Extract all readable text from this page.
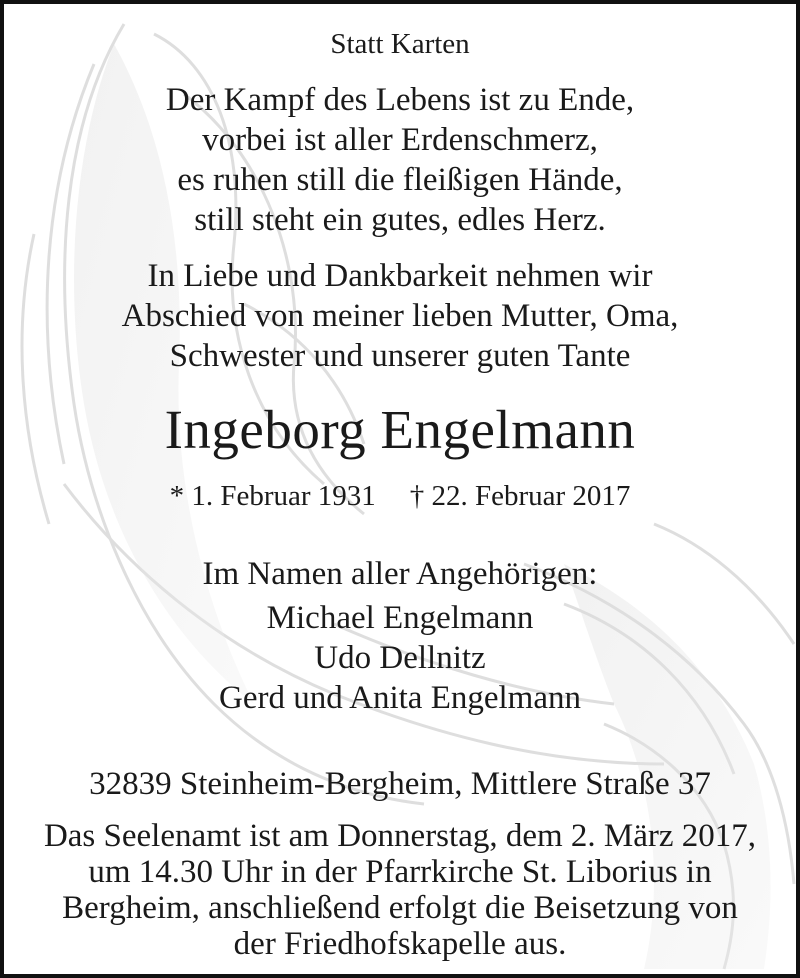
Statt Karten
Der Kampf des Lebens ist zu Ende,
vorbei ist aller Erdenschmerz,
es ruhen still die fleißigen Hände,
still steht ein gutes, edles Herz.
In Liebe und Dankbarkeit nehmen wir
Abschied von meiner lieben Mutter, Oma,
Schwester und unserer guten Tante
Ingeborg Engelmann
* 1. Februar 1931 † 22. Februar 2017
Im Namen aller Angehörigen:
Michael Engelmann
Udo Dellnitz
Gerd und Anita Engelmann
32839 Steinheim-Bergheim, Mittlere Straße 37
Das Seelenamt ist am Donnerstag, dem 2. März 2017,
um 14.30 Uhr in der Pfarrkirche St. Liborius in
Bergheim, anschließend erfolgt die Beisetzung von
der Friedhofskapelle aus.
